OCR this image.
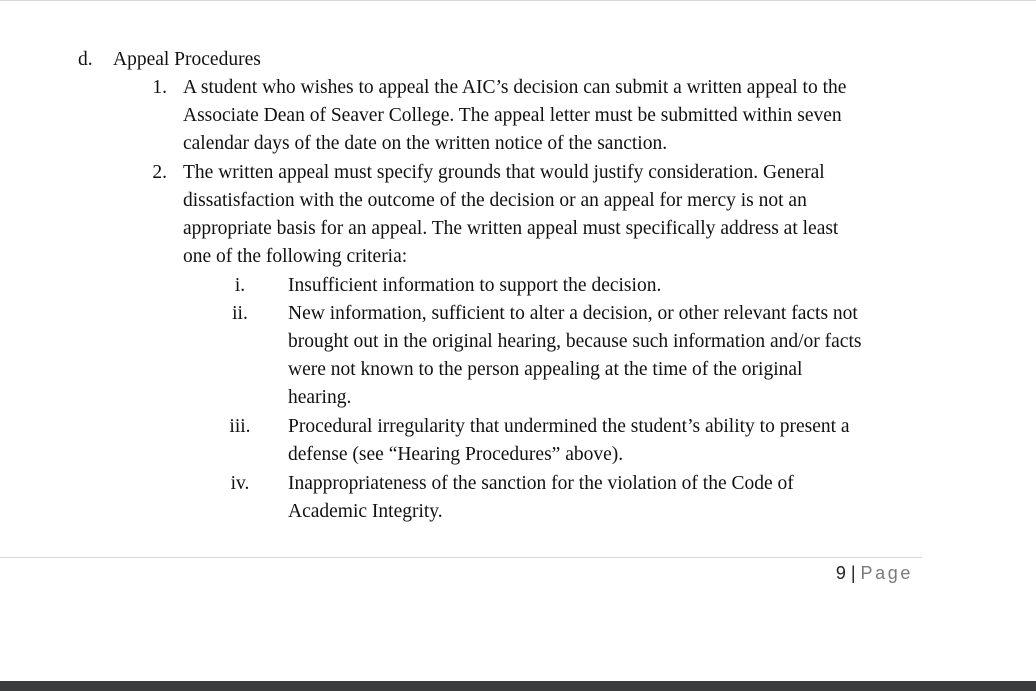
d. Appeal Procedures
1. A student who wishes to appeal the AIC’s decision can submit a written appeal to the
Associate Dean of Seaver College. The appeal letter must be submitted within seven
calendar days of the date on the written notice of the sanction.
2. The written appeal must specify grounds that would justify consideration. General
dissatisfaction with the outcome of the decision or an appeal for mercy is not an
appropriate basis for an appeal. The written appeal must specifically address at least
one of the following criteria:
i.	Insufficient information to support the decision.
ii.	New information, sufficient to alter a decision, or other relevant facts not
brought out in the original hearing, because such information and/or facts
were not known to the person appealing at the time of the original
hearing.
iii.	Procedural irregularity that undermined the student’s ability to present a
defense (see “Hearing Procedures” above).
iv.	Inappropriateness of the sanction for the violation of the Code of
Academic Integrity.
9 | Page
